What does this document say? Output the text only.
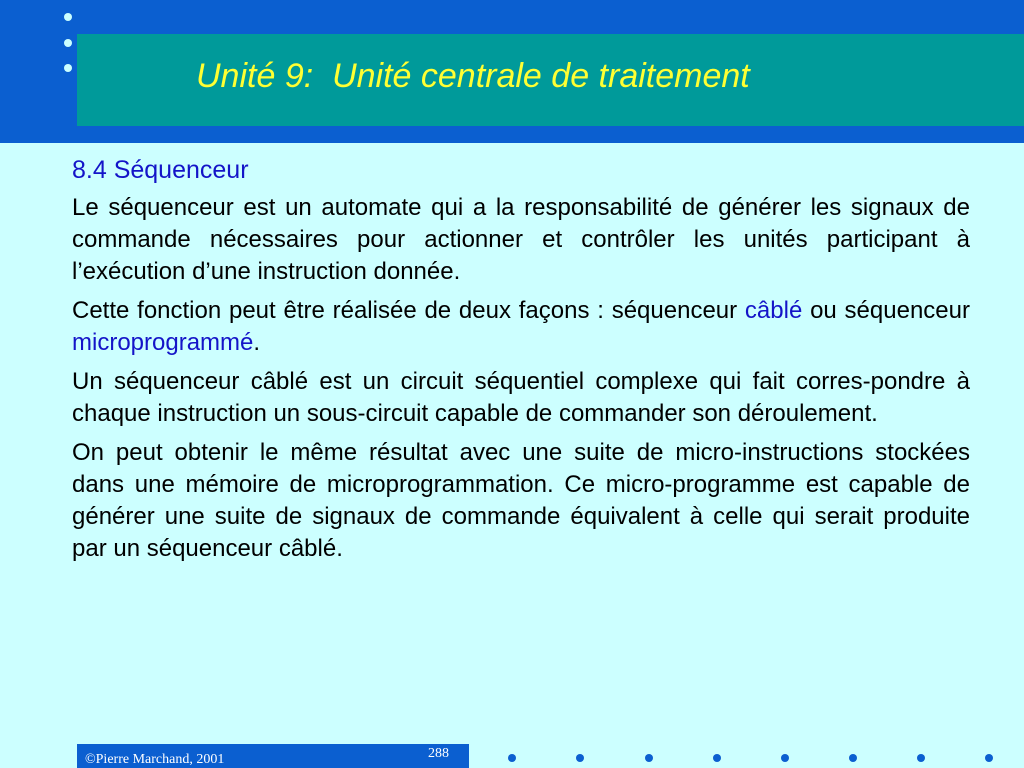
Unité 9:  Unité centrale de traitement
8.4 Séquenceur

Le séquenceur est un automate qui a la responsabilité de générer les signaux de commande nécessaires pour actionner et contrôler les unités participant à l’exécution d’une instruction donnée.

Cette fonction peut être réalisée de deux façons : séquenceur câblé ou séquenceur microprogrammé.

Un séquenceur câblé est un circuit séquentiel complexe qui fait corres-pondre à chaque instruction un sous-circuit capable de commander son déroulement.

On peut obtenir le même résultat avec une suite de micro-instructions stockées dans une mémoire de microprogrammation. Ce micro-programme est capable de générer une suite de signaux de commande équivalent à celle qui serait produite par un séquenceur câblé.

©Pierre Marchand, 2001	288
